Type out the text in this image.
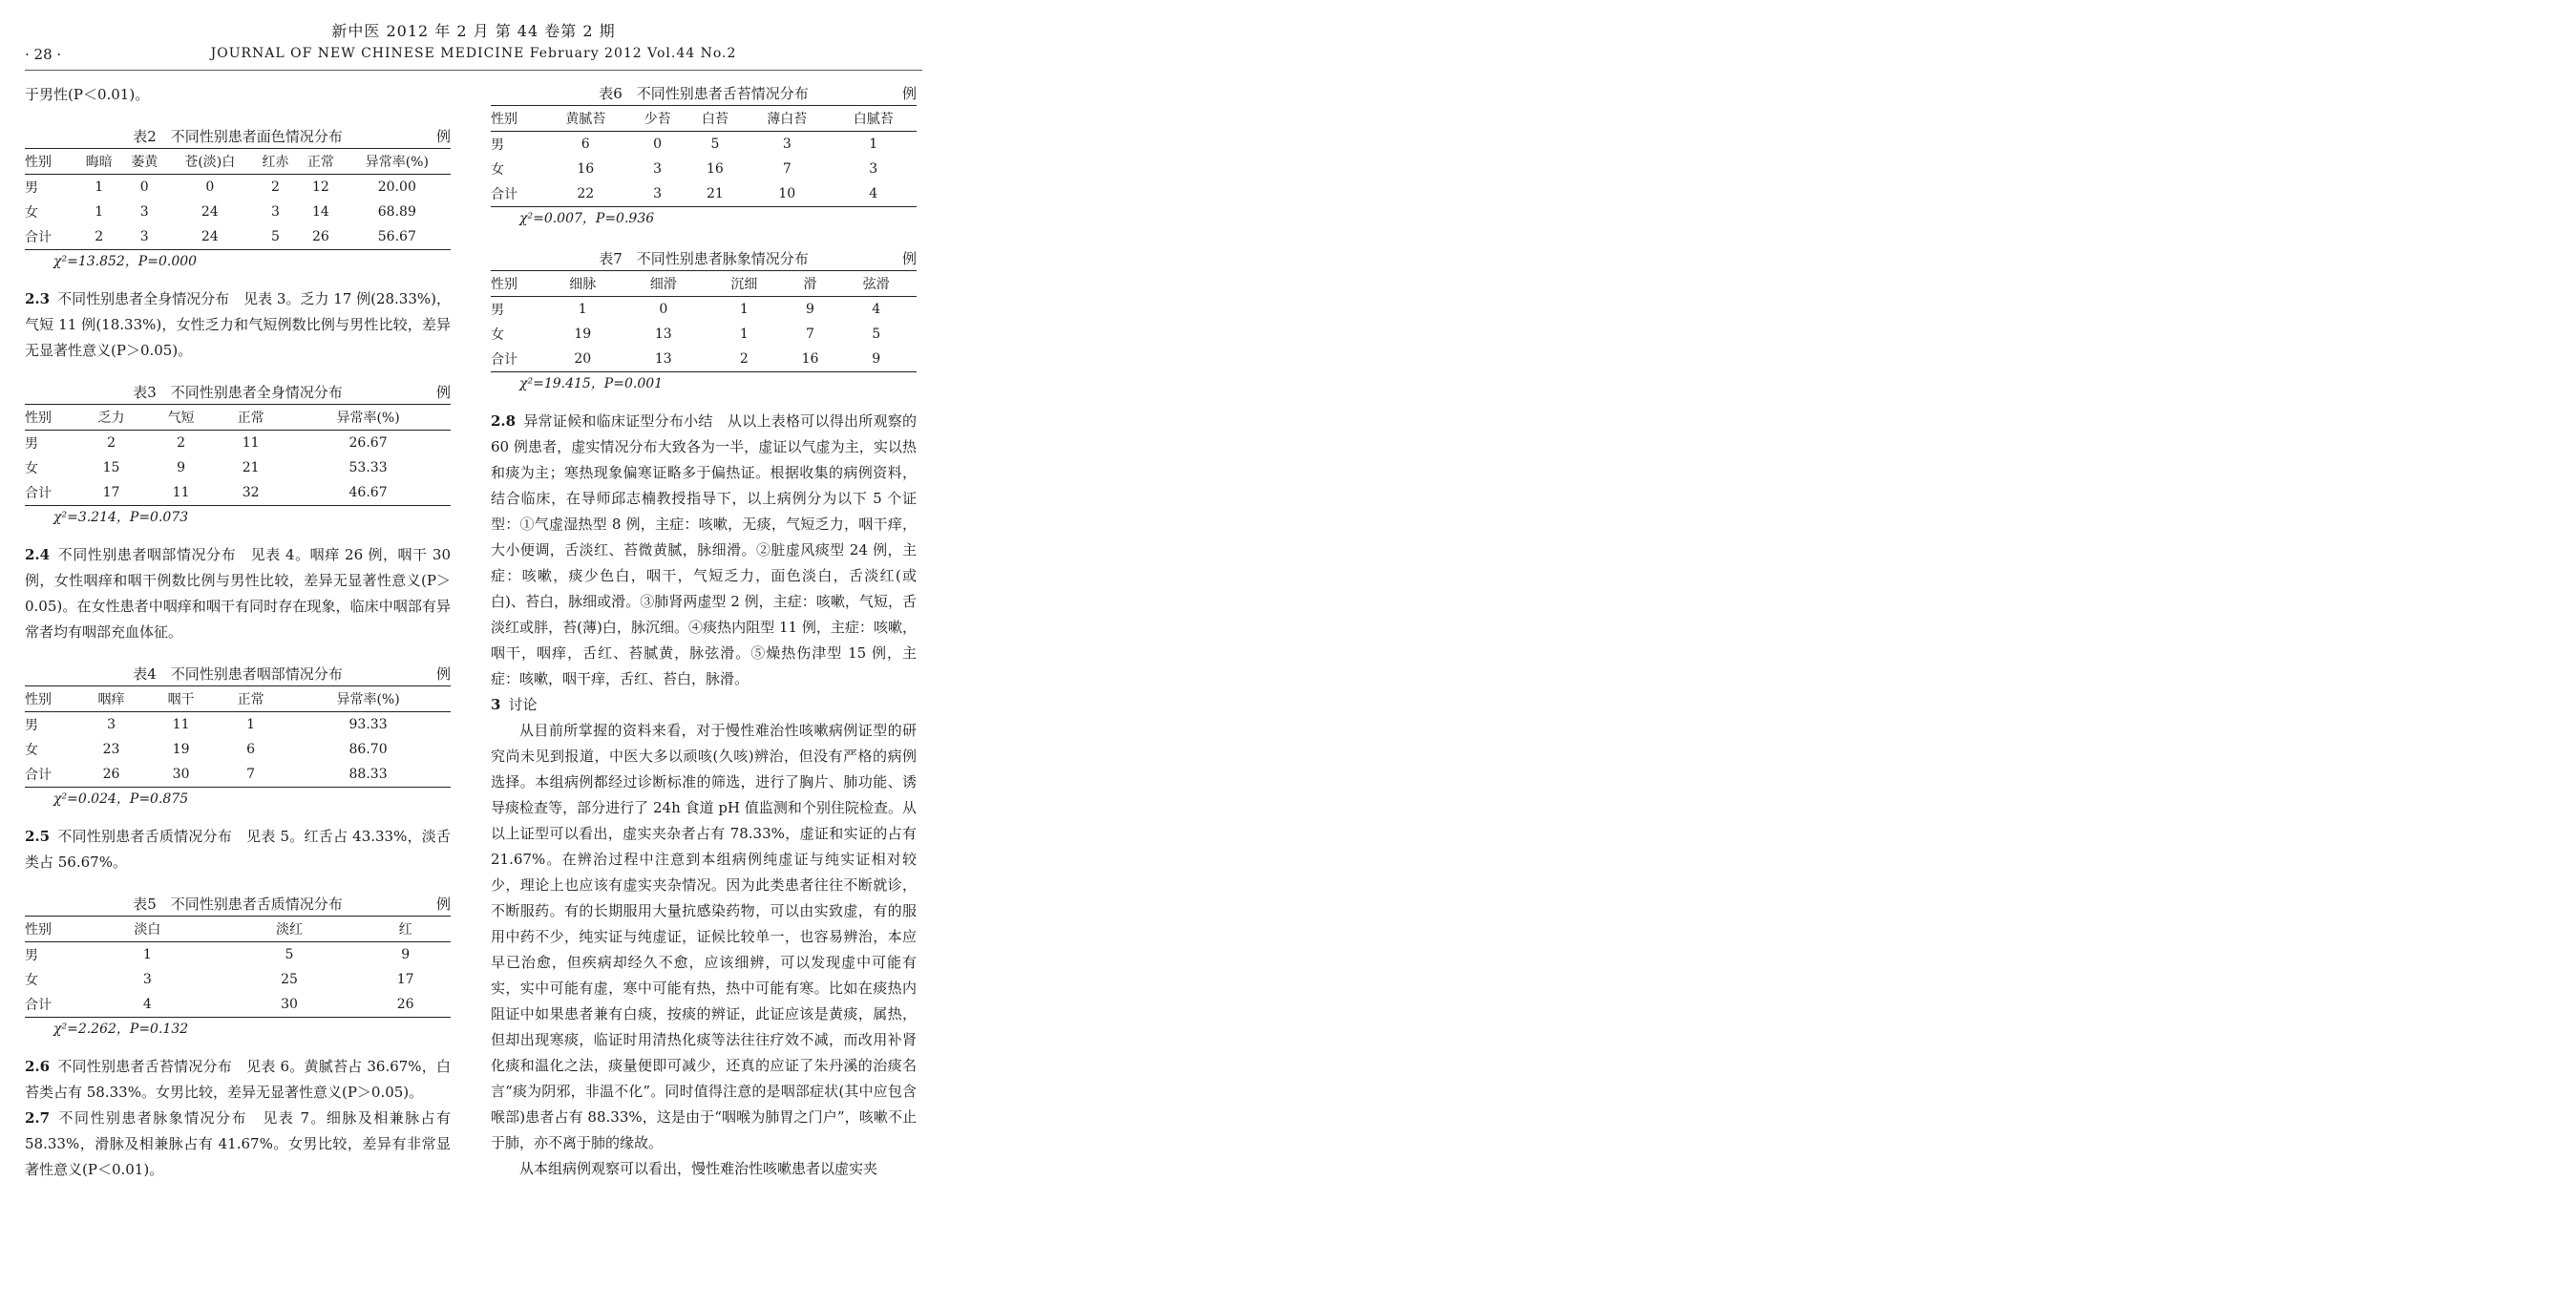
新中医 2012 年 2 月 第 44 卷第 2 期
· 28 ·	JOURNAL OF NEW CHINESE MEDICINE February 2012 Vol.44 No.2

于男性(P＜0.01)。

表2　不同性别患者面色情况分布	例
性别	晦暗	萎黄	苍(淡)白	红赤	正常	异常率(%)
男	1	0	0	2	12	20.00
女	1	3	24	3	14	68.89
合计	2	3	24	5	26	56.67
χ²=13.852，P=0.000

2.3 不同性别患者全身情况分布　见表 3。乏力 17 例(28.33%)，气短 11 例(18.33%)，女性乏力和气短例数比例与男性比较，差异无显著性意义(P＞0.05)。

表3　不同性别患者全身情况分布	例
性别	乏力	气短	正常	异常率(%)
男	2	2	11	26.67
女	15	9	21	53.33
合计	17	11	32	46.67
χ²=3.214，P=0.073

2.4 不同性别患者咽部情况分布　见表 4。咽痒 26 例，咽干 30 例，女性咽痒和咽干例数比例与男性比较，差异无显著性意义(P＞0.05)。在女性患者中咽痒和咽干有同时存在现象，临床中咽部有异常者均有咽部充血体征。

表4　不同性别患者咽部情况分布	例
性别	咽痒	咽干	正常	异常率(%)
男	3	11	1	93.33
女	23	19	6	86.70
合计	26	30	7	88.33
χ²=0.024，P=0.875

2.5 不同性别患者舌质情况分布　见表 5。红舌占 43.33%，淡舌类占 56.67%。

表5　不同性别患者舌质情况分布	例
性别	淡白	淡红	红
男	1	5	9
女	3	25	17
合计	4	30	26
χ²=2.262，P=0.132

2.6 不同性别患者舌苔情况分布　见表 6。黄腻苔占 36.67%，白苔类占有 58.33%。女男比较，差异无显著性意义(P＞0.05)。

2.7 不同性别患者脉象情况分布　见表 7。细脉及相兼脉占有 58.33%，滑脉及相兼脉占有 41.67%。女男比较，差异有非常显著性意义(P＜0.01)。

表6　不同性别患者舌苔情况分布	例
性别	黄腻苔	少苔	白苔	薄白苔	白腻苔
男	6	0	5	3	1
女	16	3	16	7	3
合计	22	3	21	10	4
χ²=0.007，P=0.936
表7　不同性别患者脉象情况分布	例
性别	细脉	细滑	沉细	滑	弦滑
男	1	0	1	9	4
女	19	13	1	7	5
合计	20	13	2	16	9
χ²=19.415，P=0.001

2.8 异常证候和临床证型分布小结　从以上表格可以得出所观察的 60 例患者，虚实情况分布大致各为一半，虚证以气虚为主，实以热和痰为主；寒热现象偏寒证略多于偏热证。根据收集的病例资料，结合临床，在导师邱志楠教授指导下，以上病例分为以下 5 个证型：①气虚湿热型 8 例，主症：咳嗽，无痰，气短乏力，咽干痒，大小便调，舌淡红、苔微黄腻，脉细滑。②脏虚风痰型 24 例，主症：咳嗽，痰少色白，咽干，气短乏力，面色淡白，舌淡红(或白)、苔白，脉细或滑。③肺肾两虚型 2 例，主症：咳嗽，气短，舌淡红或胖，苔(薄)白，脉沉细。④痰热内阻型 11 例，主症：咳嗽，咽干，咽痒，舌红、苔腻黄，脉弦滑。⑤燥热伤津型 15 例，主症：咳嗽，咽干痒，舌红、苔白，脉滑。

3 讨论

从目前所掌握的资料来看，对于慢性难治性咳嗽病例证型的研究尚未见到报道，中医大多以顽咳(久咳)辨治，但没有严格的病例选择。本组病例都经过诊断标准的筛选，进行了胸片、肺功能、诱导痰检查等，部分进行了 24h 食道 pH 值监测和个别住院检查。从以上证型可以看出，虚实夹杂者占有 78.33%，虚证和实证的占有 21.67%。在辨治过程中注意到本组病例纯虚证与纯实证相对较少，理论上也应该有虚实夹杂情况。因为此类患者往往不断就诊，不断服药。有的长期服用大量抗感染药物，可以由实致虚，有的服用中药不少，纯实证与纯虚证，证候比较单一，也容易辨治，本应早已治愈，但疾病却经久不愈，应该细辨，可以发现虚中可能有实，实中可能有虚，寒中可能有热，热中可能有寒。比如在痰热内阻证中如果患者兼有白痰，按痰的辨证，此证应该是黄痰，属热，但却出现寒痰，临证时用清热化痰等法往往疗效不减，而改用补肾化痰和温化之法，痰量便即可减少，还真的应证了朱丹溪的治痰名言“痰为阴邪，非温不化”。同时值得注意的是咽部症状(其中应包含喉部)患者占有 88.33%，这是由于“咽喉为肺胃之门户”，咳嗽不止于肺，亦不离于肺的缘故。

从本组病例观察可以看出，慢性难治性咳嗽患者以虚实夹
